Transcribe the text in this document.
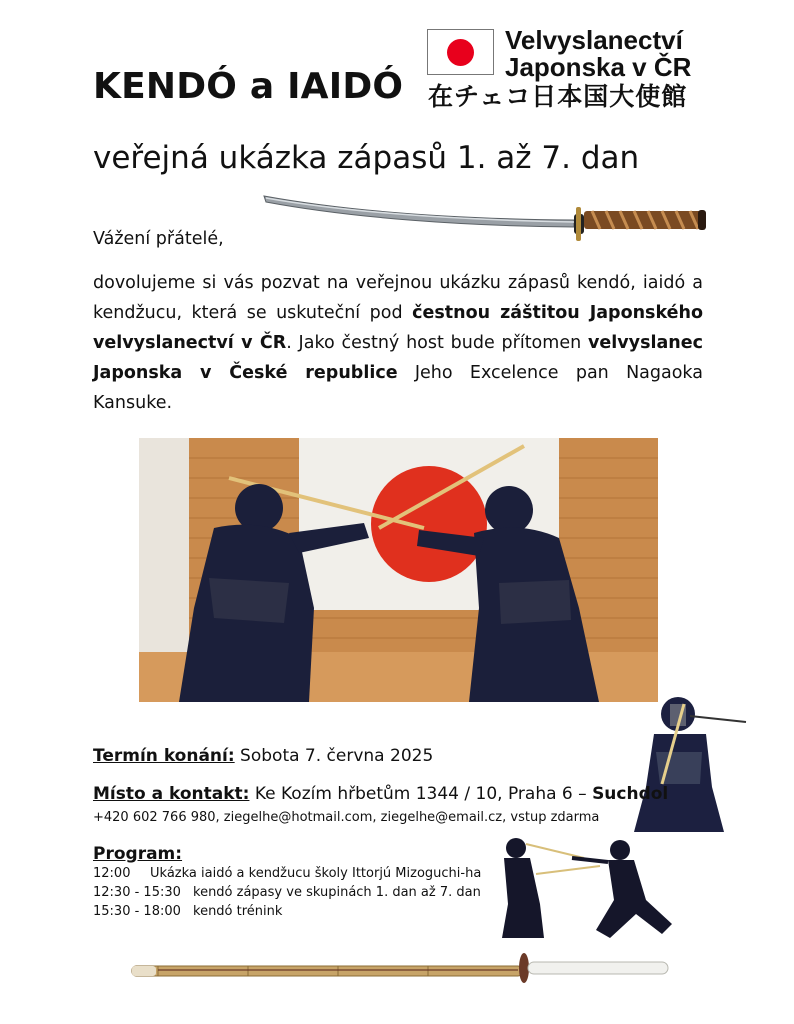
KENDÓ a IAIDÓ
Velvyslanectví
Japonska v ČR
在チェコ日本国大使館
veřejná ukázka zápasů 1. až 7. dan
Vážení přátelé,
dovolujeme si vás pozvat na veřejnou ukázku zápasů kendó, iaidó a kendžucu, která se uskuteční pod čestnou záštitou Japonského velvyslanectví v ČR. Jako čestný host bude přítomen velvyslanec Japonska v České republice Jeho Excelence pan Nagaoka Kansuke.
Termín konání: Sobota 7. června 2025
Místo a kontakt: Ke Kozím hřbetům 1344 / 10, Praha 6 – Suchdol
+420 602 766 980, ziegelhe@hotmail.com, ziegelhe@email.cz, vstup zdarma
Program:
12:00 Ukázka iaidó a kendžucu školy Ittorjú Mizoguchi-ha
12:30 - 15:30 kendó zápasy ve skupinách 1. dan až 7. dan
15:30 - 18:00 kendó trénink
